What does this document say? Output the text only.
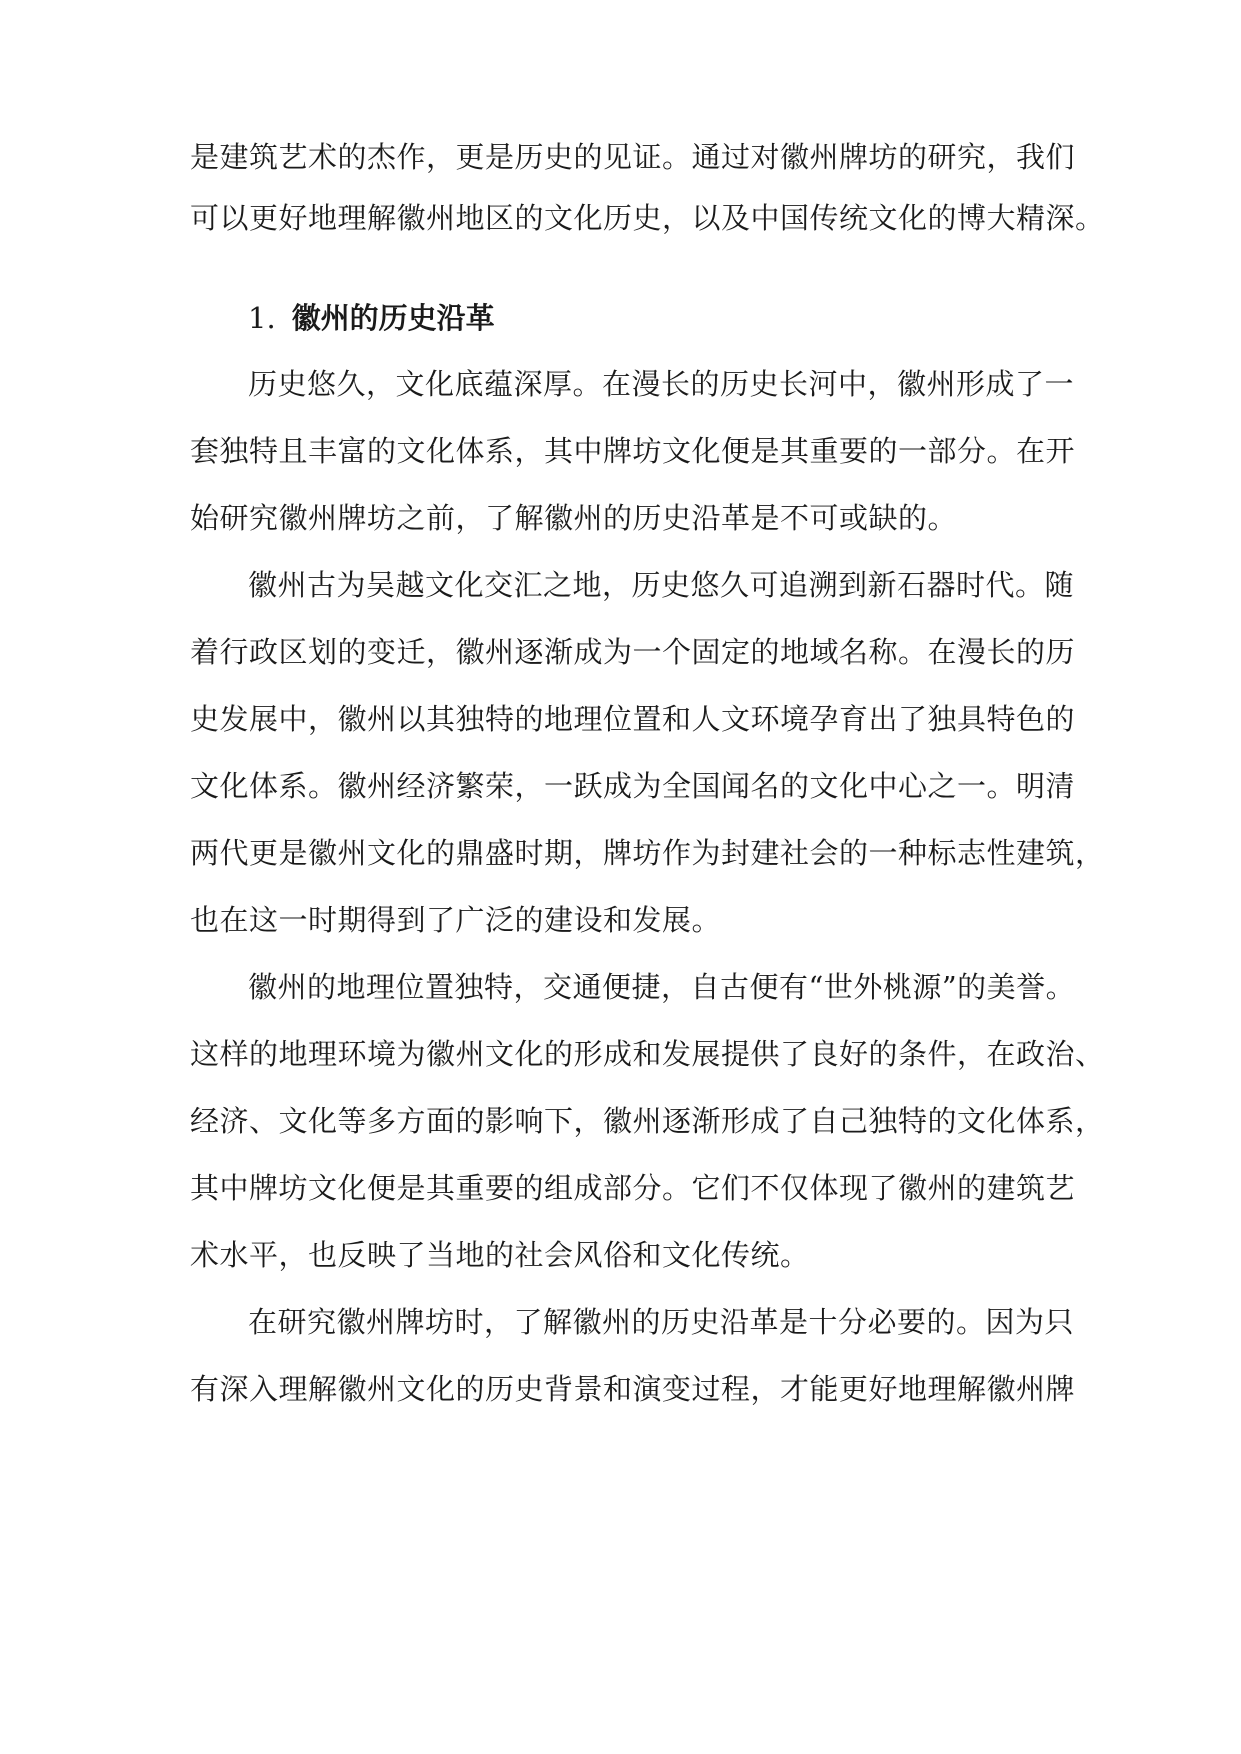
是建筑艺术的杰作，更是历史的见证。通过对徽州牌坊的研究，我们
可以更好地理解徽州地区的文化历史，以及中国传统文化的博大精深。
1. 徽州的历史沿革
历史悠久，文化底蕴深厚。在漫长的历史长河中，徽州形成了一
套独特且丰富的文化体系，其中牌坊文化便是其重要的一部分。在开
始研究徽州牌坊之前，了解徽州的历史沿革是不可或缺的。
徽州古为吴越文化交汇之地，历史悠久可追溯到新石器时代。随
着行政区划的变迁，徽州逐渐成为一个固定的地域名称。在漫长的历
史发展中，徽州以其独特的地理位置和人文环境孕育出了独具特色的
文化体系。徽州经济繁荣，一跃成为全国闻名的文化中心之一。明清
两代更是徽州文化的鼎盛时期，牌坊作为封建社会的一种标志性建筑，
也在这一时期得到了广泛的建设和发展。
徽州的地理位置独特，交通便捷，自古便有“世外桃源”的美誉。
这样的地理环境为徽州文化的形成和发展提供了良好的条件，在政治、
经济、文化等多方面的影响下，徽州逐渐形成了自己独特的文化体系，
其中牌坊文化便是其重要的组成部分。它们不仅体现了徽州的建筑艺
术水平，也反映了当地的社会风俗和文化传统。
在研究徽州牌坊时，了解徽州的历史沿革是十分必要的。因为只
有深入理解徽州文化的历史背景和演变过程，才能更好地理解徽州牌
